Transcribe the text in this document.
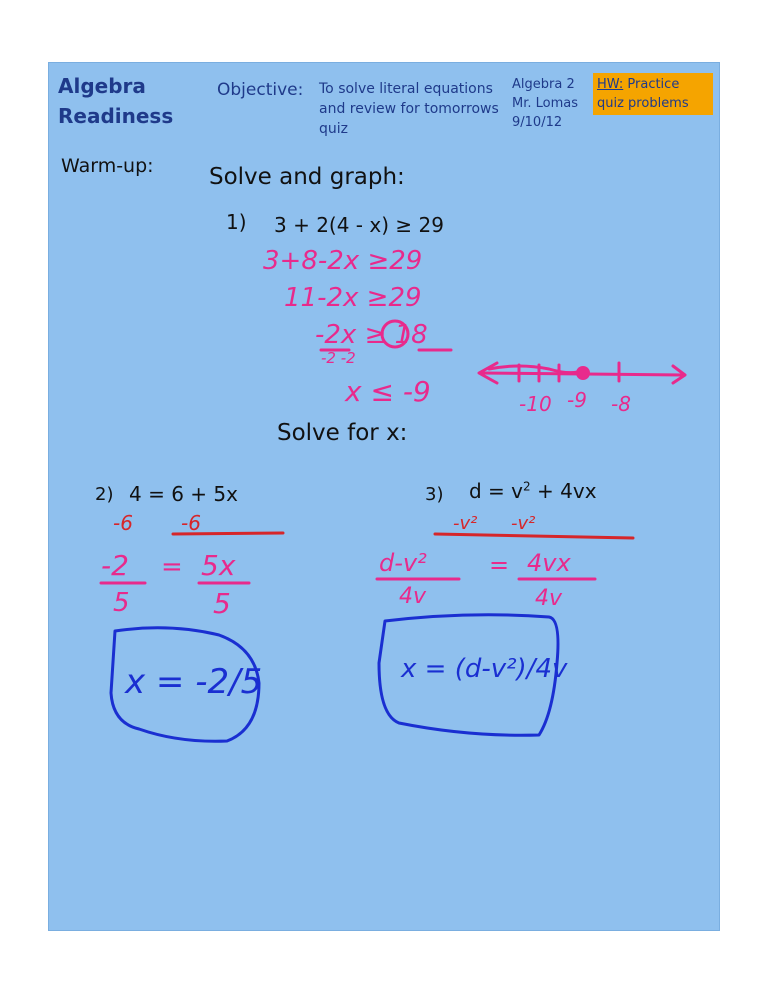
Algebra
Readiness
Objective: To solve literal equations and review for tomorrows quiz
Algebra 2
Mr. Lomas
9/10/12
HW: Practice quiz problems
Warm-up: Solve and graph:
1) 3 + 2(4 - x) ≥ 29
Solve for x:
2) 4 = 6 + 5x	3) $d = v^2 + 4vx$
3+8-2x ≥29
11-2x ≥29
-2x ≥ 18
-2 -2
x ≤ -9	-10 -9 -8
-6 -6
-2
5
= 5x
5
x = -2/5
-v² -v²
d-v²
4v
= 4vx
4v
x = (d-v²)/4v
